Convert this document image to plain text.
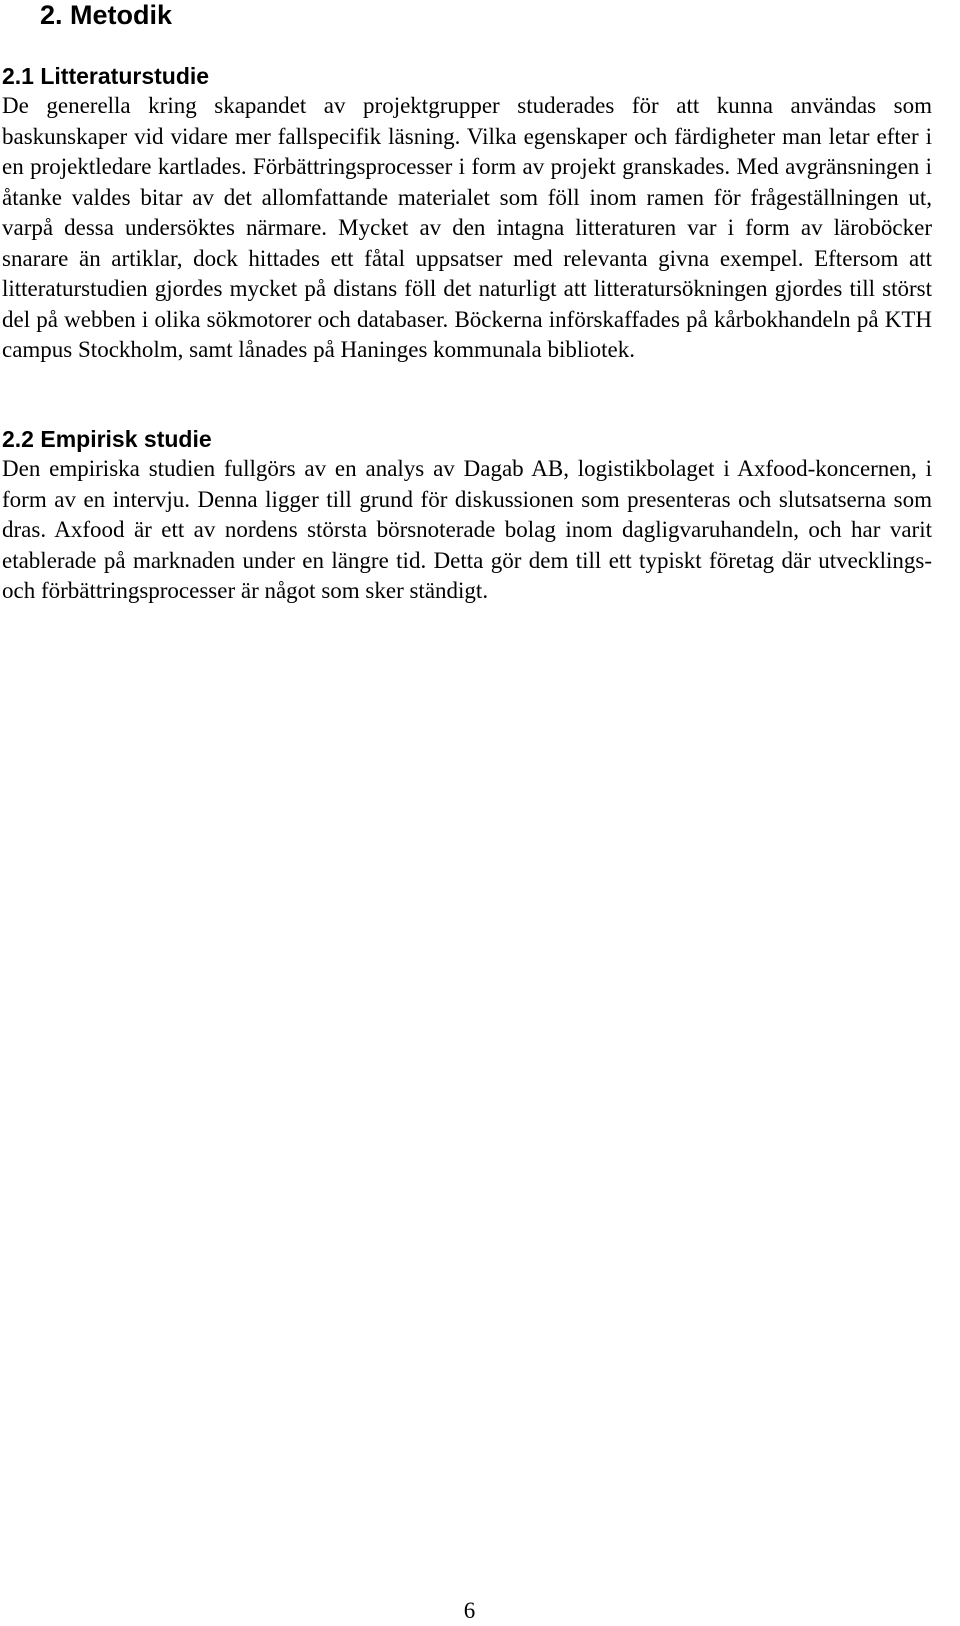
2. Metodik
2.1 Litteraturstudie

De generella kring skapandet av projektgrupper studerades för att kunna användas som baskunskaper vid vidare mer fallspecifik läsning. Vilka egenskaper och färdigheter man letar efter i en projektledare kartlades. Förbättringsprocesser i form av projekt granskades. Med avgränsningen i åtanke valdes bitar av det allomfattande materialet som föll inom ramen för frågeställningen ut, varpå dessa undersöktes närmare. Mycket av den intagna litteraturen var i form av läroböcker snarare än artiklar, dock hittades ett fåtal uppsatser med relevanta givna exempel. Eftersom att litteraturstudien gjordes mycket på distans föll det naturligt att litteratursökningen gjordes till störst del på webben i olika sökmotorer och databaser. Böckerna införskaffades på kårbokhandeln på KTH campus Stockholm, samt lånades på Haninges kommunala bibliotek.

2.2 Empirisk studie

Den empiriska studien fullgörs av en analys av Dagab AB, logistikbolaget i Axfood-koncernen, i form av en intervju. Denna ligger till grund för diskussionen som presenteras och slutsatserna som dras. Axfood är ett av nordens största börsnoterade bolag inom dagligvaruhandeln, och har varit etablerade på marknaden under en längre tid. Detta gör dem till ett typiskt företag där utvecklings- och förbättringsprocesser är något som sker ständigt.

6
